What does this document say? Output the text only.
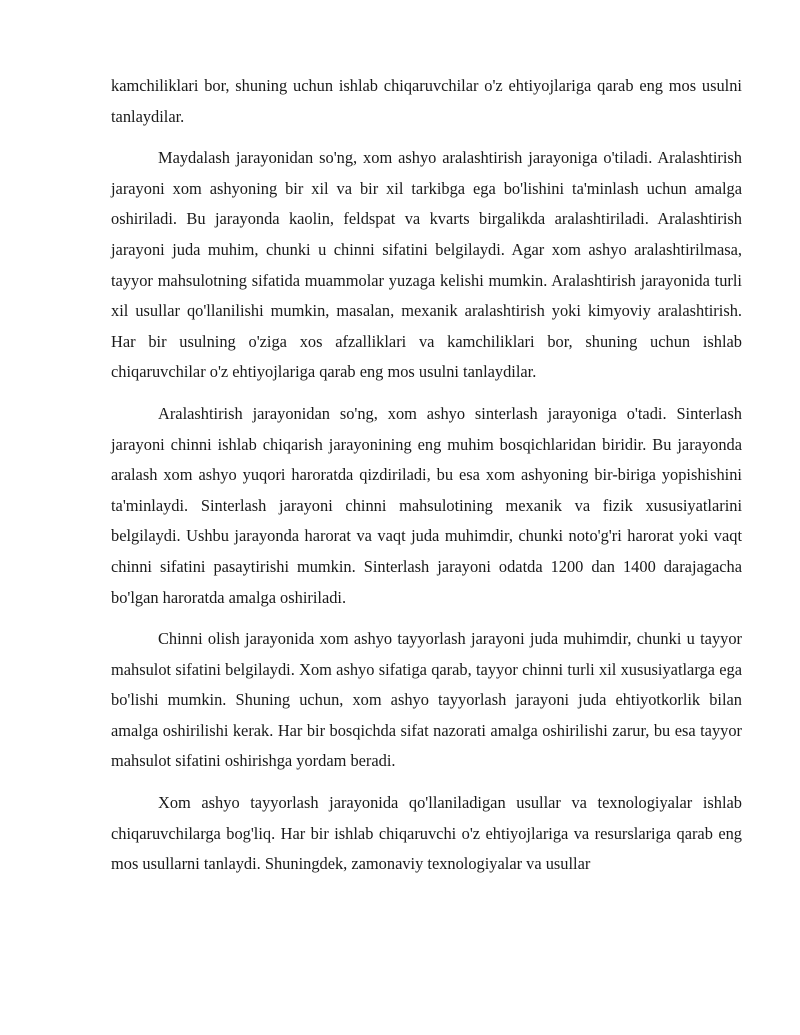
kamchiliklari bor, shuning uchun ishlab chiqaruvchilar o'z ehtiyojlariga qarab eng mos usulni tanlaydilar.

Maydalash jarayonidan so'ng, xom ashyo aralashtirish jarayoniga o'tiladi. Aralashtirish jarayoni xom ashyoning bir xil va bir xil tarkibga ega bo'lishini ta'minlash uchun amalga oshiriladi. Bu jarayonda kaolin, feldspat va kvarts birgalikda aralashtiriladi. Aralashtirish jarayoni juda muhim, chunki u chinni sifatini belgilaydi. Agar xom ashyo aralashtirilmasa, tayyor mahsulotning sifatida muammolar yuzaga kelishi mumkin. Aralashtirish jarayonida turli xil usullar qo'llanilishi mumkin, masalan, mexanik aralashtirish yoki kimyoviy aralashtirish. Har bir usulning o'ziga xos afzalliklari va kamchiliklari bor, shuning uchun ishlab chiqaruvchilar o'z ehtiyojlariga qarab eng mos usulni tanlaydilar.

Aralashtirish jarayonidan so'ng, xom ashyo sinterlash jarayoniga o'tadi. Sinterlash jarayoni chinni ishlab chiqarish jarayonining eng muhim bosqichlaridan biridir. Bu jarayonda aralash xom ashyo yuqori haroratda qizdiriladi, bu esa xom ashyoning bir-biriga yopishishini ta'minlaydi. Sinterlash jarayoni chinni mahsulotining mexanik va fizik xususiyatlarini belgilaydi. Ushbu jarayonda harorat va vaqt juda muhimdir, chunki noto'g'ri harorat yoki vaqt chinni sifatini pasaytirishi mumkin. Sinterlash jarayoni odatda 1200 dan 1400 darajagacha bo'lgan haroratda amalga oshiriladi.

Chinni olish jarayonida xom ashyo tayyorlash jarayoni juda muhimdir, chunki u tayyor mahsulot sifatini belgilaydi. Xom ashyo sifatiga qarab, tayyor chinni turli xil xususiyatlarga ega bo'lishi mumkin. Shuning uchun, xom ashyo tayyorlash jarayoni juda ehtiyotkorlik bilan amalga oshirilishi kerak. Har bir bosqichda sifat nazorati amalga oshirilishi zarur, bu esa tayyor mahsulot sifatini oshirishga yordam beradi.

Xom ashyo tayyorlash jarayonida qo'llaniladigan usullar va texnologiyalar ishlab chiqaruvchilarga bog'liq. Har bir ishlab chiqaruvchi o'z ehtiyojlariga va resurslariga qarab eng mos usullarni tanlaydi. Shuningdek, zamonaviy texnologiyalar va usullar
